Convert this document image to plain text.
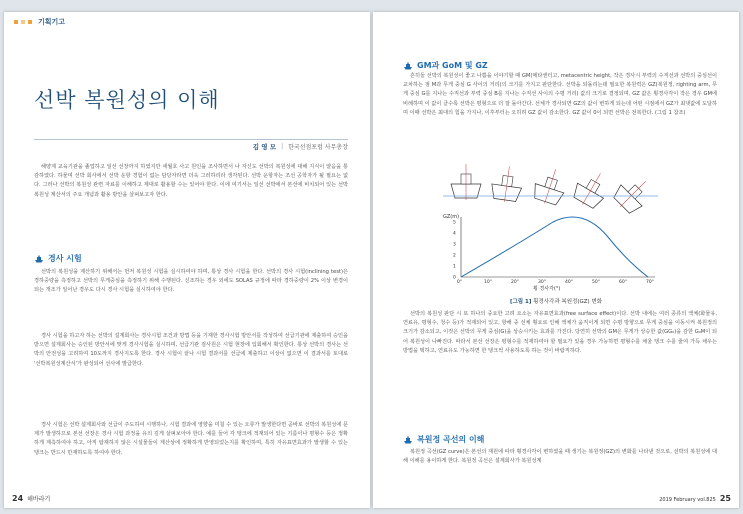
기획기고
선박 복원성의 이해
김 영 모 | 한국선점포럼 사무총장

해양계 교육기관을 졸업하고 일선 선장까지 하였지만 세월호 사고 원인을 조사하면서 나 자신도 선박의 복원성에 대해 지식이 얕음을 통감하였다. 하물며 선박 회사에서 선박 운항 경험이 없는 담당자라면 더욱 그러하리라 생각된다. 선박 운항자는 조선 공학자가 될 필요는 없다. 그러나 선박의 복원성 관련 자료를 이해하고 제대로 활용할 수는 있어야 한다. 이에 여기서는 일선 선박에서 본선에 비치되어 있는 선박 복원성 계산서의 주요 개념과 활용 방안을 살펴보고자 한다.

경사 시험

선박의 복원성을 계산하기 위해서는 먼저 복원성 시험을 실시하여야 하며, 통상 경사 시험을 한다. 선박의 경사 시험(inclining test)은 경하중량을 측정하고 선박의 무게중심을 측정하기 위해 수행된다. 신조하는 경우 외에도 SOLAS 규정에 따라 경하중량이 2% 이상 변경이 되는 개조가 일어난 경우도 다시 경사 시험을 실시하여야 한다.

경사 시험을 하고자 하는 선박의 설계회사는 경사시험 조건과 방법 등을 기재한 경사시험 방안서를 작성하여 선급기관에 제출하여 승인을 받으면 설계회사는 승인된 방안서에 맞게 경사시험을 실시하며, 선급기관 검사원은 시험 현장에 입회해서 확인한다. 통상 선박의 경사는 선박의 안전성을 고려하여 10도까지 경사지도록 한다. 경사 시험이 끝나 시험 결과서를 선급에 제출하고 이상이 없으면 이 결과서를 토대로 '선박복원성계산서'가 완성되어 선사에 발급한다.

경사 시험은 선박 설계회사와 선급이 주도하여 시행하나, 시험 결과에 영향을 미칠 수 있는 오류가 발생한다면 곧바로 선박의 복원성에 문제가 발생하므로 본선 선장은 경사 시험 과정을 유의 깊게 살펴보아야 한다. 예를 들어 각 탱크에 적재되어 있는 기름이나 평형수 등은 정확하게 계측하여야 하고, 아직 탑재하지 않은 시설물들이 계산상에 정확하게 반영되었는지를 확인하며, 특히 자유표면효과가 발생할 수 있는 탱크는 반드시 만재하도록 하여야 한다.

24 해바라기
GM과 GoM 및 GZ

흔히들 선박의 복원성이 좋고 나쁨을 이야기할 때 GM(메타센터고, metacentric height, 작은 경사시 부력의 수직선과 선박의 중심선이 교차하는 점 M과 무게 중심 G 사이의 거리)의 크기를 가지고 판단한다. 선박을 되돌리는데 필요한 복원력은 GZ(복원정, righting arm, 무게 중심 G를 지나는 수직선과 부력 중심 B를 지나는 수직선 사이의 수평 거리) 값의 크기로 결정되며, GZ 값은 횡경사각이 작은 경우 GM에 비례하며 이 값이 클수록 선박은 평형으로 더 잘 돌아간다. 선체가 경사되면 GZ의 값이 변하게 되는데 어떤 시점에서 GZ가 최댓값에 도달하며 이때 선박은 최대의 힘을 가지나, 이후부터는 오히려 GZ 값이 감소한다. GZ 값이 0이 되면 선박은 전복한다. (그림 1 참조)

GZ(m)
5
4
3
2
1
0
0°	10°	20°	30°	40°	50°	60°	70°
횡 경사각(°)
[그림 1] 횡경사각과 복원정(GZ) 변화

선박의 복원성 판단 시 또 하나의 중요한 고려 요소는 자유표면효과(free surface effect)이다. 선박 내에는 여러 종류의 액체(화물유, 연료유, 평형수, 청수 등)가 적재되어 있고, 항해 중 선체 횡요로 인해 액체가 움직이게 되면 수평 방향으로 무게 중심을 이동시켜 복원정의 크기가 감소되고, 이것은 선박의 무게 중심(G)을 상승시키는 효과를 가진다. 당연히 선박의 GM은 무게가 상승한 값(GG₀)을 감한 G₀M이 되어 복원성이 나빠진다. 따라서 본선 선장은 평형수를 적재하여야 할 필요가 있을 경우 가능하면 평형수를 채울 탱크 수를 줄여 가득 채우는 방법을 택하고, 연료유도 가능하면 한 탱크씩 사용하도록 하는 것이 바람직하다.

복원정 곡선의 이해

복원정 곡선(GZ curve)은 본선의 재원에 따라 횡경사각이 변하였을 때 생기는 복원정(GZ)의 변화를 나타낸 것으로, 선박의 복원성에 대해 이해를 용이하게 한다. 복원정 곡선은 설계회사가 복원성계

2019 February vol.825 25
